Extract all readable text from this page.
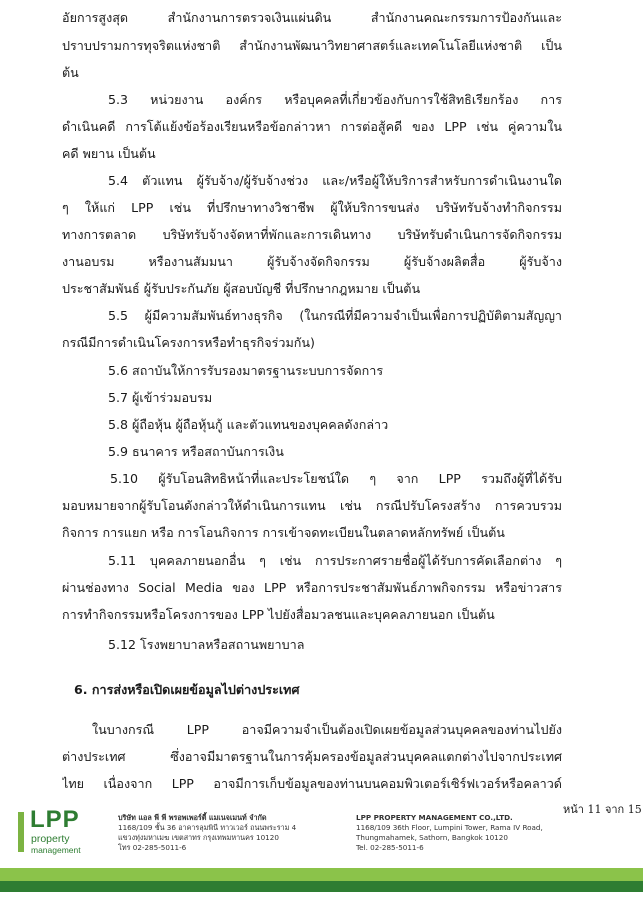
อัยการสูงสุด สำนักงานการตรวจเงินแผ่นดิน สำนักงานคณะกรรมการป้องกันและ
ปราบปรามการทุจริตแห่งชาติ สำนักงานพัฒนาวิทยาศาสตร์และเทคโนโลยีแห่งชาติ เป็น
ต้น
5.3 หน่วยงาน องค์กร หรือบุคคลที่เกี่ยวข้องกับการใช้สิทธิเรียกร้อง การ
ดำเนินคดี การโต้แย้งข้อร้องเรียนหรือข้อกล่าวหา การต่อสู้คดี ของ LPP เช่น คู่ความใน
คดี พยาน เป็นต้น
5.4 ตัวแทน ผู้รับจ้าง/ผู้รับจ้างช่วง และ/หรือผู้ให้บริการสำหรับการดำเนินงานใด
ๆ ให้แก่ LPP เช่น ที่ปรึกษาทางวิชาชีพ ผู้ให้บริการขนส่ง บริษัทรับจ้างทำกิจกรรม
ทางการตลาด บริษัทรับจ้างจัดหาที่พักและการเดินทาง บริษัทรับดำเนินการจัดกิจกรรม
งานอบรม หรืองานสัมมนา ผู้รับจ้างจัดกิจกรรม ผู้รับจ้างผลิตสื่อ ผู้รับจ้าง
ประชาสัมพันธ์ ผู้รับประกันภัย ผู้สอบบัญชี ที่ปรึกษากฎหมาย เป็นต้น
5.5 ผู้มีความสัมพันธ์ทางธุรกิจ (ในกรณีที่มีความจำเป็นเพื่อการปฏิบัติตามสัญญา
กรณีมีการดำเนินโครงการหรือทำธุรกิจร่วมกัน)
5.6 สถาบันให้การรับรองมาตรฐานระบบการจัดการ
5.7 ผู้เข้าร่วมอบรม
5.8 ผู้ถือหุ้น ผู้ถือหุ้นกู้ และตัวแทนของบุคคลดังกล่าว
5.9 ธนาคาร หรือสถาบันการเงิน
5.10 ผู้รับโอนสิทธิหน้าที่และประโยชน์ใด ๆ จาก LPP รวมถึงผู้ที่ได้รับ
มอบหมายจากผู้รับโอนดังกล่าวให้ดำเนินการแทน เช่น กรณีปรับโครงสร้าง การควบรวม
กิจการ การแยก หรือ การโอนกิจการ การเข้าจดทะเบียนในตลาดหลักทรัพย์ เป็นต้น
5.11 บุคคลภายนอกอื่น ๆ เช่น การประกาศรายชื่อผู้ได้รับการคัดเลือกต่าง ๆ
ผ่านช่องทาง Social Media ของ LPP หรือการประชาสัมพันธ์ภาพกิจกรรม หรือข่าวสาร
การทำกิจกรรมหรือโครงการของ LPP ไปยังสื่อมวลชนและบุคคลภายนอก เป็นต้น
5.12 โรงพยาบาลหรือสถานพยาบาล
6. การส่งหรือเปิดเผยข้อมูลไปต่างประเทศ
ในบางกรณี LPP อาจมีความจำเป็นต้องเปิดเผยข้อมูลส่วนบุคคลของท่านไปยัง
ต่างประเทศ ซึ่งอาจมีมาตรฐานในการคุ้มครองข้อมูลส่วนบุคคลแตกต่างไปจากประเทศ
ไทย เนื่องจาก LPP อาจมีการเก็บข้อมูลของท่านบนคอมพิวเตอร์เซิร์ฟเวอร์หรือคลาวด์
หน้า 11 จาก 15
LPP
property
management
บริษัท แอล พี พี พรอพเพอร์ตี้ แมเนจเมนท์ จำกัด
1168/109 ชั้น 36 อาคารลุมพินี ทาวเวอร์ ถนนพระราม 4
แขวงทุ่งมหาเมฆ เขตสาทร กรุงเทพมหานคร 10120
โทร 02-285-5011-6
LPP PROPERTY MANAGEMENT CO.,LTD.
1168/109 36th Floor, Lumpini Tower, Rama IV Road,
Thungmahamek, Sathorn, Bangkok 10120
Tel. 02-285-5011-6
